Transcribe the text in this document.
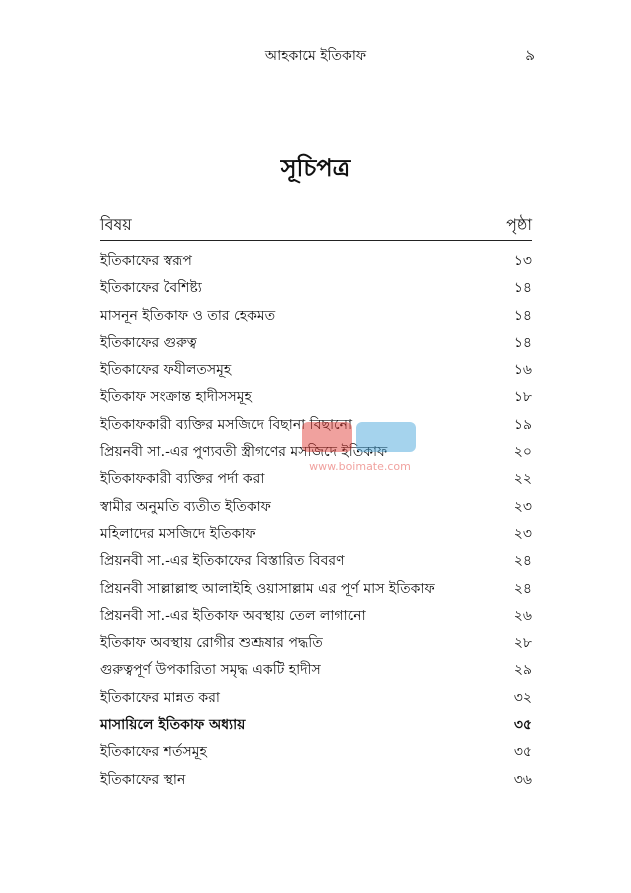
আহকামে ইতিকাফ	৯
সূচিপত্র
বিষয়	পৃষ্ঠা
ইতিকাফের স্বরূপ	১৩
ইতিকাফের বৈশিষ্ট্য	১৪
মাসনূন ইতিকাফ ও তার হেকমত	১৪
ইতিকাফের গুরুত্ব	১৪
ইতিকাফের ফযীলতসমূহ	১৬
ইতিকাফ সংক্রান্ত হাদীসসমূহ	১৮
ইতিকাফকারী ব্যক্তির মসজিদে বিছানা বিছানো	১৯
প্রিয়নবী সা.-এর পুণ্যবতী স্ত্রীগণের মসজিদে ইতিকাফ	২০
ইতিকাফকারী ব্যক্তির পর্দা করা	২২
স্বামীর অনুমতি ব্যতীত ইতিকাফ	২৩
মহিলাদের মসজিদে ইতিকাফ	২৩
প্রিয়নবী সা.-এর ইতিকাফের বিস্তারিত বিবরণ	২৪
প্রিয়নবী সাল্লাল্লাহু আলাইহি ওয়াসাল্লাম এর পূর্ণ মাস ইতিকাফ	২৪
প্রিয়নবী সা.-এর ইতিকাফ অবস্থায় তেল লাগানো	২৬
ইতিকাফ অবস্থায় রোগীর শুশ্রূষার পদ্ধতি	২৮
গুরুত্বপূর্ণ উপকারিতা সমৃদ্ধ একটি হাদীস	২৯
ইতিকাফের মান্নত করা	৩২
মাসায়িলে ইতিকাফ অধ্যায়	৩৫
ইতিকাফের শর্তসমূহ	৩৫
ইতিকাফের স্থান	৩৬
www.boimate.com
